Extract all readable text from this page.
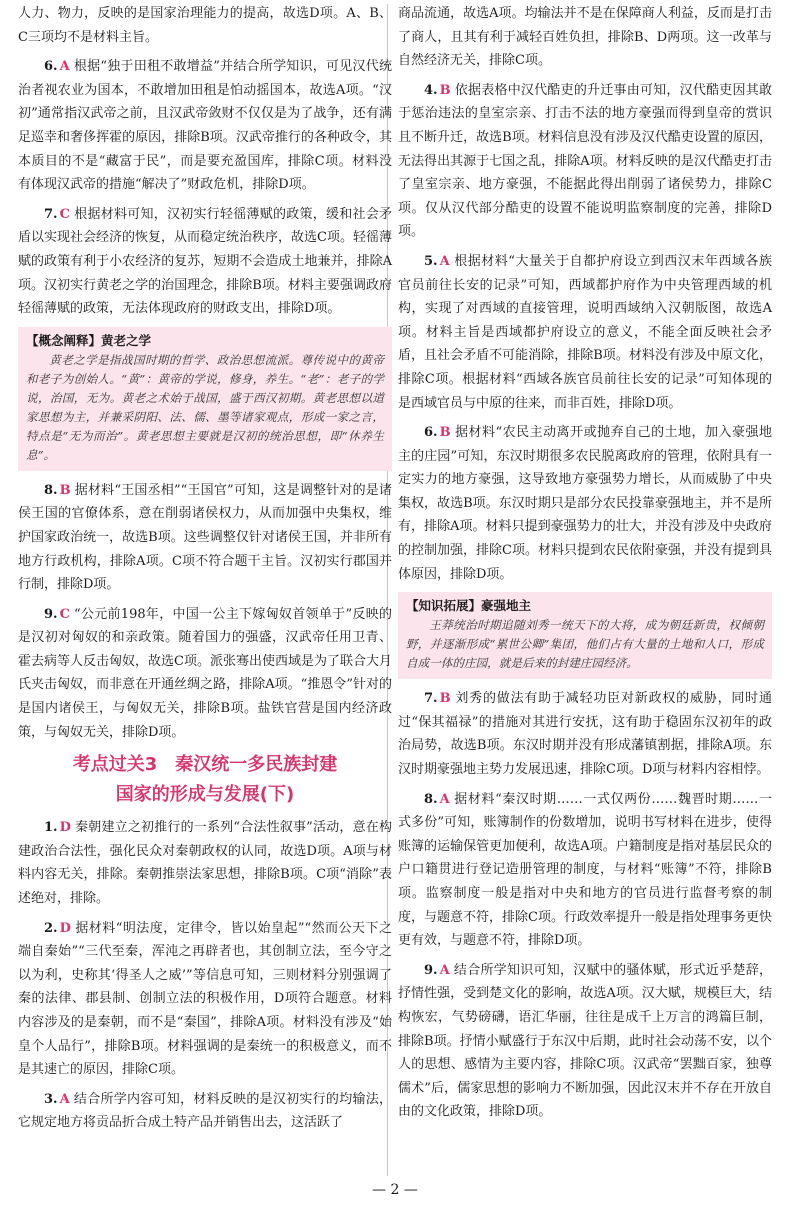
人力、物力，反映的是国家治理能力的提高，故选D项。A、B、C三项均不是材料主旨。

6. A 根据“独于田租不敢增益”并结合所学知识，可见汉代统治者视农业为国本，不敢增加田租是怕动摇国本，故选A项。“汉初”通常指汉武帝之前，且汉武帝敛财不仅仅是为了战争，还有满足巡幸和奢侈挥霍的原因，排除B项。汉武帝推行的各种政令，其本质目的不是“藏富于民”，而是要充盈国库，排除C项。材料没有体现汉武帝的措施“解决了”财政危机，排除D项。

7. C 根据材料可知，汉初实行轻徭薄赋的政策，缓和社会矛盾以实现社会经济的恢复，从而稳定统治秩序，故选C项。轻徭薄赋的政策有利于小农经济的复苏，短期不会造成土地兼并，排除A项。汉初实行黄老之学的治国理念，排除B项。材料主要强调政府轻徭薄赋的政策，无法体现政府的财政支出，排除D项。

【概念阐释】黄老之学
黄老之学是指战国时期的哲学、政治思想流派。尊传说中的黄帝和老子为创始人。“黄”：黄帝的学说，修身，养生。“老”：老子的学说，治国，无为。黄老之术始于战国，盛于西汉初期。黄老思想以道家思想为主，并兼采阴阳、法、儒、墨等诸家观点，形成一家之言，特点是“无为而治”。黄老思想主要就是汉初的统治思想，即“休养生息”。

8. B 据材料“王国丞相”“王国官”可知，这是调整针对的是诸侯王国的官僚体系，意在削弱诸侯权力，从而加强中央集权，维护国家政治统一，故选B项。这些调整仅针对诸侯王国，并非所有地方行政机构，排除A项。C项不符合题干主旨。汉初实行郡国并行制，排除D项。

9. C “公元前198年，中国一公主下嫁匈奴首领单于”反映的是汉初对匈奴的和亲政策。随着国力的强盛，汉武帝任用卫青、霍去病等人反击匈奴，故选C项。派张骞出使西域是为了联合大月氏夹击匈奴，而非意在开通丝绸之路，排除A项。“推恩令”针对的是国内诸侯王，与匈奴无关，排除B项。盐铁官营是国内经济政策，与匈奴无关，排除D项。

考点过关3　秦汉统一多民族封建
国家的形成与发展(下)

1. D 秦朝建立之初推行的一系列“合法性叙事”活动，意在构建政治合法性，强化民众对秦朝政权的认同，故选D项。A项与材料内容无关，排除。秦朝推崇法家思想，排除B项。C项“消除”表述绝对，排除。

2. D 据材料“明法度，定律令，皆以始皇起”“然而公天下之端自秦始”“三代至秦，浑沌之再辟者也，其创制立法，至今守之以为利，史称其‘得圣人之威’”等信息可知，三则材料分别强调了秦的法律、郡县制、创制立法的积极作用，D项符合题意。材料内容涉及的是秦朝，而不是“秦国”，排除A项。材料没有涉及“始皇个人品行”，排除B项。材料强调的是秦统一的积极意义，而不是其速亡的原因，排除C项。

3. A 结合所学内容可知，材料反映的是汉初实行的均输法，它规定地方将贡品折合成土特产品并销售出去，这活跃了

商品流通，故选A项。均输法并不是在保障商人利益，反而是打击了商人，且其有利于减轻百姓负担，排除B、D两项。这一改革与自然经济无关，排除C项。

4. B 依据表格中汉代酷吏的升迁事由可知，汉代酷吏因其敢于惩治违法的皇室宗亲、打击不法的地方豪强而得到皇帝的赏识且不断升迁，故选B项。材料信息没有涉及汉代酷吏设置的原因，无法得出其源于七国之乱，排除A项。材料反映的是汉代酷吏打击了皇室宗亲、地方豪强，不能据此得出削弱了诸侯势力，排除C项。仅从汉代部分酷吏的设置不能说明监察制度的完善，排除D项。

5. A 根据材料“大量关于自都护府设立到西汉末年西域各族官员前往长安的记录”可知，西域都护府作为中央管理西域的机构，实现了对西域的直接管理，说明西域纳入汉朝版图，故选A项。材料主旨是西域都护府设立的意义，不能全面反映社会矛盾，且社会矛盾不可能消除，排除B项。材料没有涉及中原文化，排除C项。根据材料“西域各族官员前往长安的记录”可知体现的是西域官员与中原的往来，而非百姓，排除D项。

6. B 据材料“农民主动离开或抛弃自己的土地，加入豪强地主的庄园”可知，东汉时期很多农民脱离政府的管理，依附具有一定实力的地方豪强，这导致地方豪强势力增长，从而威胁了中央集权，故选B项。东汉时期只是部分农民投靠豪强地主，并不是所有，排除A项。材料只提到豪强势力的壮大，并没有涉及中央政府的控制加强，排除C项。材料只提到农民依附豪强，并没有提到具体原因，排除D项。

【知识拓展】豪强地主
王莽统治时期追随刘秀一统天下的大将，成为朝廷新贵，权倾朝野，并逐渐形成“累世公卿”集团，他们占有大量的土地和人口，形成自成一体的庄园，就是后来的封建庄园经济。

7. B 刘秀的做法有助于减轻功臣对新政权的威胁，同时通过“保其福禄”的措施对其进行安抚，这有助于稳固东汉初年的政治局势，故选B项。东汉时期并没有形成藩镇割据，排除A项。东汉时期豪强地主势力发展迅速，排除C项。D项与材料内容相悖。

8. A 据材料“秦汉时期……一式仅两份……魏晋时期……一式多份”可知，账簿制作的份数增加，说明书写材料在进步，使得账簿的运输保管更加便利，故选A项。户籍制度是指对基层民众的户口籍贯进行登记造册管理的制度，与材料“账簿”不符，排除B项。监察制度一般是指对中央和地方的官员进行监督考察的制度，与题意不符，排除C项。行政效率提升一般是指处理事务更快更有效，与题意不符，排除D项。

9. A 结合所学知识可知，汉赋中的骚体赋，形式近乎楚辞，抒情性强，受到楚文化的影响，故选A项。汉大赋，规模巨大，结构恢宏，气势磅礴，语汇华丽，往往是成千上万言的鸿篇巨制，排除B项。抒情小赋盛行于东汉中后期，此时社会动荡不安，以个人的思想、感情为主要内容，排除C项。汉武帝“罢黜百家，独尊儒术”后，儒家思想的影响力不断加强，因此汉末并不存在开放自由的文化政策，排除D项。

— 2 —
